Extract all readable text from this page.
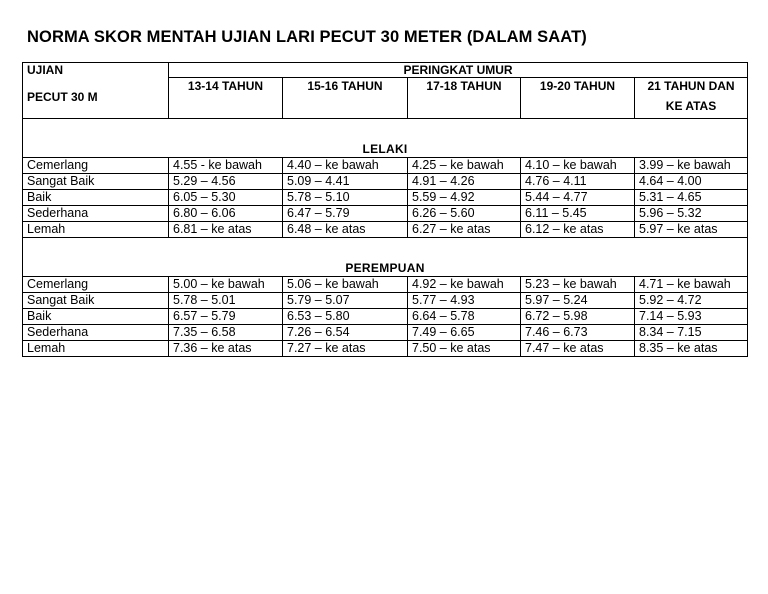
NORMA SKOR MENTAH UJIAN LARI PECUT 30 METER (DALAM SAAT)
UJIAN
PECUT 30 M	PERINGKAT UMUR				
	13-14 TAHUN	15-16 TAHUN	17-18 TAHUN	19-20 TAHUN	21 TAHUN DAN
KE ATAS

LELAKI					
Cemerlang	4.55 - ke bawah	4.40 – ke bawah	4.25 – ke bawah	4.10 – ke bawah	3.99 – ke bawah
Sangat Baik	5.29 – 4.56	5.09 – 4.41	4.91 – 4.26	4.76 – 4.11	4.64 – 4.00
Baik	6.05 – 5.30	5.78 – 5.10	5.59 – 4.92	5.44 – 4.77	5.31 – 4.65
Sederhana	6.80 – 6.06	6.47 – 5.79	6.26 – 5.60	6.11 – 5.45	5.96 – 5.32
Lemah	6.81 – ke atas	6.48 – ke atas	6.27 – ke atas	6.12 – ke atas	5.97 – ke atas
PEREMPUAN					
Cemerlang	5.00 – ke bawah	5.06 – ke bawah	4.92 – ke bawah	5.23 – ke bawah	4.71 – ke bawah
Sangat Baik	5.78 – 5.01	5.79 – 5.07	5.77 – 4.93	5.97 – 5.24	5.92 – 4.72
Baik	6.57 – 5.79	6.53 – 5.80	6.64 – 5.78	6.72 – 5.98	7.14 – 5.93
Sederhana	7.35 – 6.58	7.26 – 6.54	7.49 – 6.65	7.46 – 6.73	8.34 – 7.15
Lemah	7.36 – ke atas	7.27 – ke atas	7.50 – ke atas	7.47 – ke atas	8.35 – ke atas
